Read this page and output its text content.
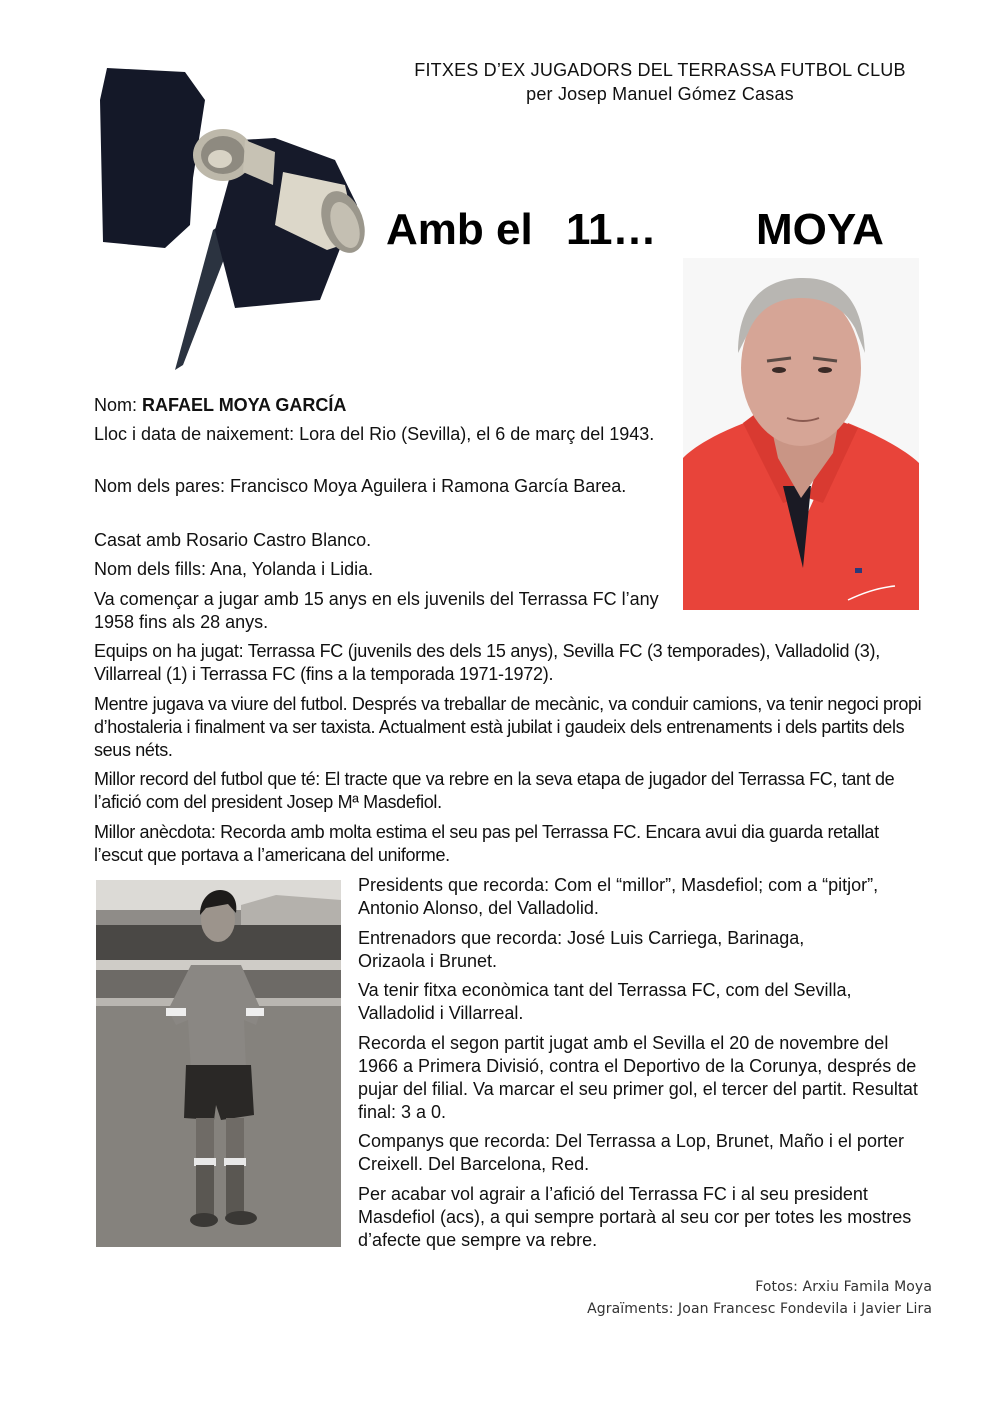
FITXES D’EX JUGADORS DEL TERRASSA FUTBOL CLUB
per Josep Manuel Gómez Casas
Amb el 11… MOYA

Nom: RAFAEL MOYA GARCÍA

Lloc i data de naixement: Lora del Rio (Sevilla), el 6 de març del 1943.

Nom dels pares: Francisco Moya Aguilera i Ramona García Barea.

Casat amb Rosario Castro Blanco.

Nom dels fills: Ana, Yolanda i Lidia.

Va començar a jugar amb 15 anys en els juvenils del Terrassa FC l’any 1958 fins als 28 anys.

Equips on ha jugat: Terrassa FC (juvenils des dels 15 anys), Sevilla FC (3 temporades), Valladolid (3), Villarreal (1) i Terrassa FC (fins a la temporada 1971-1972).

Mentre jugava va viure del futbol. Després va treballar de mecànic, va conduir camions, va tenir negoci propi d’hostaleria i finalment va ser taxista. Actualment està jubilat i gaudeix dels entrenaments i dels partits dels seus néts.

Millor record del futbol que té: El tracte que va rebre en la seva etapa de jugador del Terrassa FC, tant de l’afició com del president Josep Mª Masdefiol.

Millor anècdota: Recorda amb molta estima el seu pas pel Terrassa FC. Encara avui dia guarda retallat l’escut que portava a l’americana del uniforme.

Presidents que recorda: Com el “millor”, Masdefiol; com a “pitjor”, Antonio Alonso, del Valladolid.

Entrenadors que recorda: José Luis Carriega, Barinaga, Orizaola i Brunet.

Va tenir fitxa econòmica tant del Terrassa FC, com del Sevilla, Valladolid i Villarreal.

Recorda el segon partit jugat amb el Sevilla el 20 de novembre del 1966 a Primera Divisió, contra el Deportivo de la Corunya, després de pujar del filial. Va marcar el seu primer gol, el tercer del partit. Resultat final: 3 a 0.

Companys que recorda: Del Terrassa a Lop, Brunet, Maño i el porter Creixell. Del Barcelona, Red.

Per acabar vol agrair a l’afició del Terrassa FC i al seu president Masdefiol (acs), a qui sempre portarà al seu cor per totes les mostres d’afecte que sempre va rebre.

Fotos: Arxiu Famila Moya
Agraïments: Joan Francesc Fondevila i Javier Lira
